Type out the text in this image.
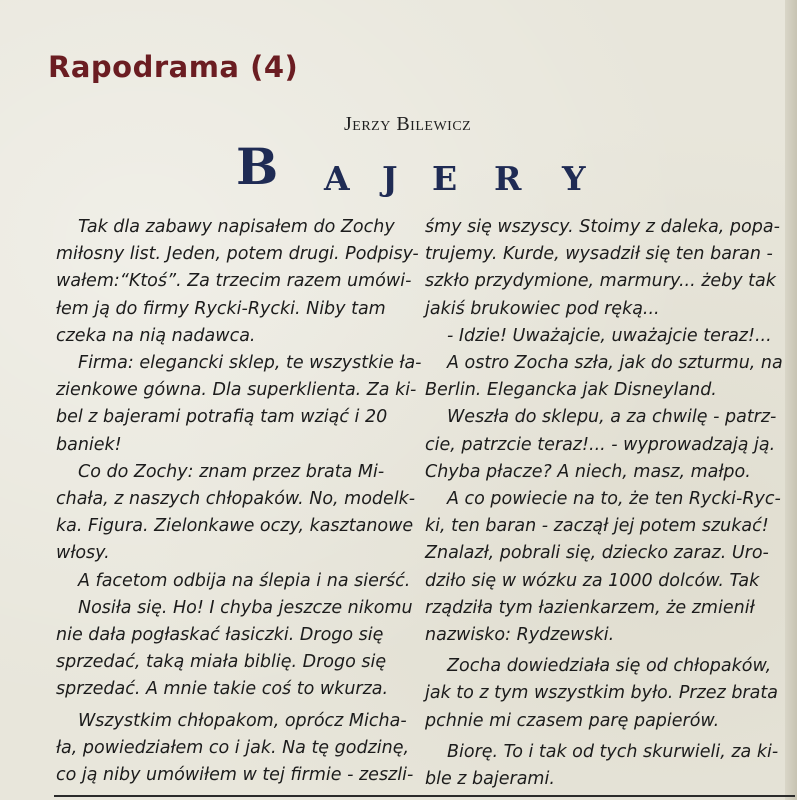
Rapodrama (4)

Jerzy Bilewicz

B A J E R Y
Tak dla zabawy napisałem do Zochy
miłosny list. Jeden, potem drugi. Podpisy-
wałem:“Ktoś”. Za trzecim razem umówi-
łem ją do firmy Rycki-Rycki. Niby tam
czeka na nią nadawca.
Firma: elegancki sklep, te wszystkie ła-
zienkowe gówna. Dla superklienta. Za ki-
bel z bajerami potrafią tam wziąć i 20
baniek!
Co do Zochy: znam przez brata Mi-
chała, z naszych chłopaków. No, modelk-
ka. Figura. Zielonkawe oczy, kasztanowe
włosy.
A facetom odbija na ślepia i na sierść.
Nosiła się. Ho! I chyba jeszcze nikomu
nie dała pogłaskać łasiczki. Drogo się
sprzedać, taką miała biblię. Drogo się
sprzedać. A mnie takie coś to wkurza.
Wszystkim chłopakom, oprócz Micha-
ła, powiedziałem co i jak. Na tę godzinę,
co ją niby umówiłem w tej firmie - zeszli-
śmy się wszyscy. Stoimy z daleka, popa-
trujemy. Kurde, wysadził się ten baran -
szkło przydymione, marmury... żeby tak
jakiś brukowiec pod ręką...
- Idzie! Uważajcie, uważajcie teraz!...
A ostro Zocha szła, jak do szturmu, na
Berlin. Elegancka jak Disneyland.
Weszła do sklepu, a za chwilę - patrz-
cie, patrzcie teraz!... - wyprowadzają ją.
Chyba płacze? A niech, masz, małpo.
A co powiecie na to, że ten Rycki-Ryc-
ki, ten baran - zaczął jej potem szukać!
Znalazł, pobrali się, dziecko zaraz. Uro-
dziło się w wózku za 1000 dolców. Tak
rządziła tym łazienkarzem, że zmienił
nazwisko: Rydzewski.
Zocha dowiedziała się od chłopaków,
jak to z tym wszystkim było. Przez brata
pchnie mi czasem parę papierów.
Biorę. To i tak od tych skurwieli, za ki-
ble z bajerami.
